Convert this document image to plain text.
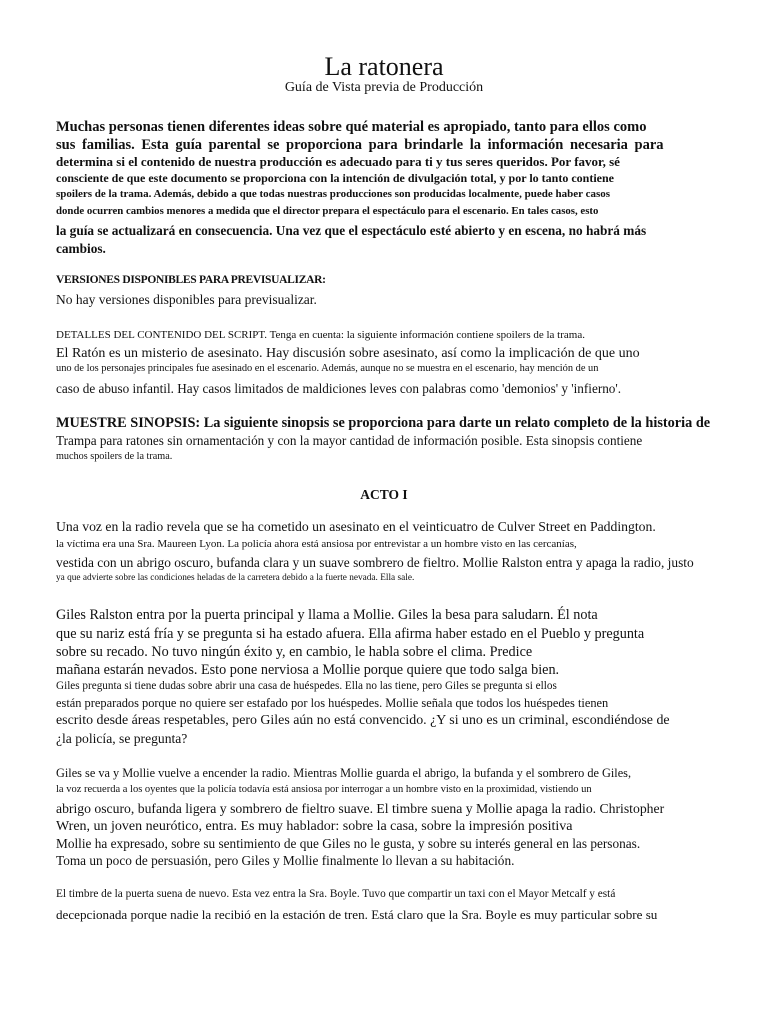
La ratonera
Guía de Vista previa de Producción
Muchas personas tienen diferentes ideas sobre qué material es apropiado, tanto para ellos como
sus familias. Esta guía parental se proporciona para brindarle la información necesaria para
determina si el contenido de nuestra producción es adecuado para ti y tus seres queridos. Por favor, sé
consciente de que este documento se proporciona con la intención de divulgación total, y por lo tanto contiene
spoilers de la trama. Además, debido a que todas nuestras producciones son producidas localmente, puede haber casos
donde ocurren cambios menores a medida que el director prepara el espectáculo para el escenario. En tales casos, esto
la guía se actualizará en consecuencia. Una vez que el espectáculo esté abierto y en escena, no habrá más
cambios.
VERSIONES DISPONIBLES PARA PREVISUALIZAR:
No hay versiones disponibles para previsualizar.
DETALLES DEL CONTENIDO DEL SCRIPT. Tenga en cuenta: la siguiente información contiene spoilers de la trama.
El Ratón es un misterio de asesinato. Hay discusión sobre asesinato, así como la implicación de que uno
uno de los personajes principales fue asesinado en el escenario. Además, aunque no se muestra en el escenario, hay mención de un
caso de abuso infantil. Hay casos limitados de maldiciones leves con palabras como 'demonios' y 'infierno'.
MUESTRE SINOPSIS: La siguiente sinopsis se proporciona para darte un relato completo de la historia de
Trampa para ratones sin ornamentación y con la mayor cantidad de información posible. Esta sinopsis contiene
muchos spoilers de la trama.
ACTO I
Una voz en la radio revela que se ha cometido un asesinato en el veinticuatro de Culver Street en Paddington.
la víctima era una Sra. Maureen Lyon. La policía ahora está ansiosa por entrevistar a un hombre visto en las cercanías,
vestida con un abrigo oscuro, bufanda clara y un suave sombrero de fieltro. Mollie Ralston entra y apaga la radio, justo
ya que advierte sobre las condiciones heladas de la carretera debido a la fuerte nevada. Ella sale.
Giles Ralston entra por la puerta principal y llama a Mollie. Giles la besa para saludarn. Él nota
que su nariz está fría y se pregunta si ha estado afuera. Ella afirma haber estado en el Pueblo y pregunta
sobre su recado. No tuvo ningún éxito y, en cambio, le habla sobre el clima. Predice
mañana estarán nevados. Esto pone nerviosa a Mollie porque quiere que todo salga bien.
Giles pregunta si tiene dudas sobre abrir una casa de huéspedes. Ella no las tiene, pero Giles se pregunta si ellos
están preparados porque no quiere ser estafado por los huéspedes. Mollie señala que todos los huéspedes tienen
escrito desde áreas respetables, pero Giles aún no está convencido. ¿Y si uno es un criminal, escondiéndose de
¿la policía, se pregunta?
Giles se va y Mollie vuelve a encender la radio. Mientras Mollie guarda el abrigo, la bufanda y el sombrero de Giles,
la voz recuerda a los oyentes que la policía todavía está ansiosa por interrogar a un hombre visto en la proximidad, vistiendo un
abrigo oscuro, bufanda ligera y sombrero de fieltro suave. El timbre suena y Mollie apaga la radio. Christopher
Wren, un joven neurótico, entra. Es muy hablador: sobre la casa, sobre la impresión positiva
Mollie ha expresado, sobre su sentimiento de que Giles no le gusta, y sobre su interés general en las personas.
Toma un poco de persuasión, pero Giles y Mollie finalmente lo llevan a su habitación.
El timbre de la puerta suena de nuevo. Esta vez entra la Sra. Boyle. Tuvo que compartir un taxi con el Mayor Metcalf y está
decepcionada porque nadie la recibió en la estación de tren. Está claro que la Sra. Boyle es muy particular sobre su
